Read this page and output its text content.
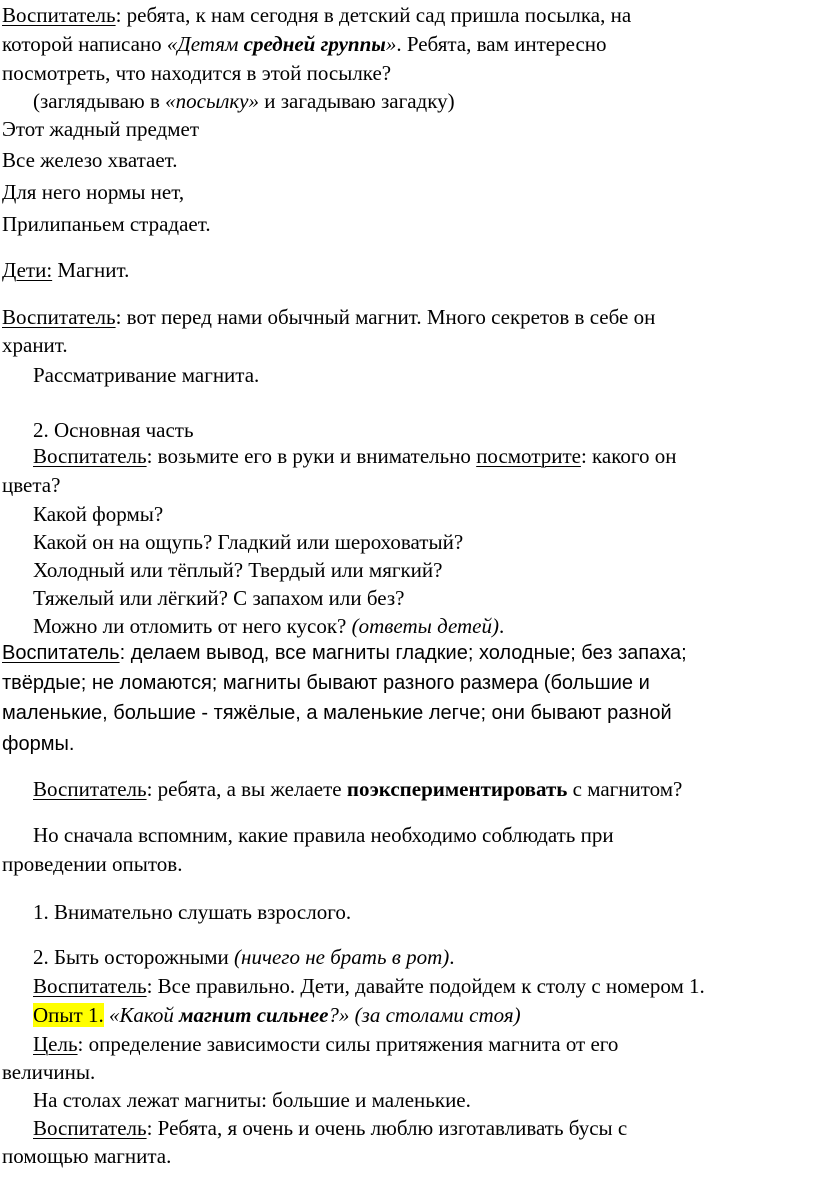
Воспитатель: ребята, к нам сегодня в детский сад пришла посылка, на
которой написано «Детям средней группы». Ребята, вам интересно
посмотреть, что находится в этой посылке?
(заглядываю в «посылку» и загадываю загадку)
Этот жадный предмет
Все железо хватает.
Для него нормы нет,
Прилипаньем страдает.
Дети: Магнит.
Воспитатель: вот перед нами обычный магнит. Много секретов в себе он
хранит.
Рассматривание магнита.
2. Основная часть
Воспитатель: возьмите его в руки и внимательно посмотрите: какого он
цвета?
Какой формы?
Какой он на ощупь? Гладкий или шероховатый?
Холодный или тёплый? Твердый или мягкий?
Тяжелый или лёгкий? С запахом или без?
Можно ли отломить от него кусок? (ответы детей).
Воспитатель: делаем вывод, все магниты гладкие; холодные; без запаха;
твёрдые; не ломаются; магниты бывают разного размера (большие и
маленькие, большие - тяжёлые, а маленькие легче; они бывают разной
формы.
Воспитатель: ребята, а вы желаете поэкспериментировать с магнитом?
Но сначала вспомним, какие правила необходимо соблюдать при
проведении опытов.
1. Внимательно слушать взрослого.
2. Быть осторожными (ничего не брать в рот).
Воспитатель: Все правильно. Дети, давайте подойдем к столу с номером 1.
Опыт 1. «Какой магнит сильнее?» (за столами стоя)
Цель: определение зависимости силы притяжения магнита от его
величины.
На столах лежат магниты: большие и маленькие.
Воспитатель: Ребята, я очень и очень люблю изготавливать бусы с
помощью магнита.
